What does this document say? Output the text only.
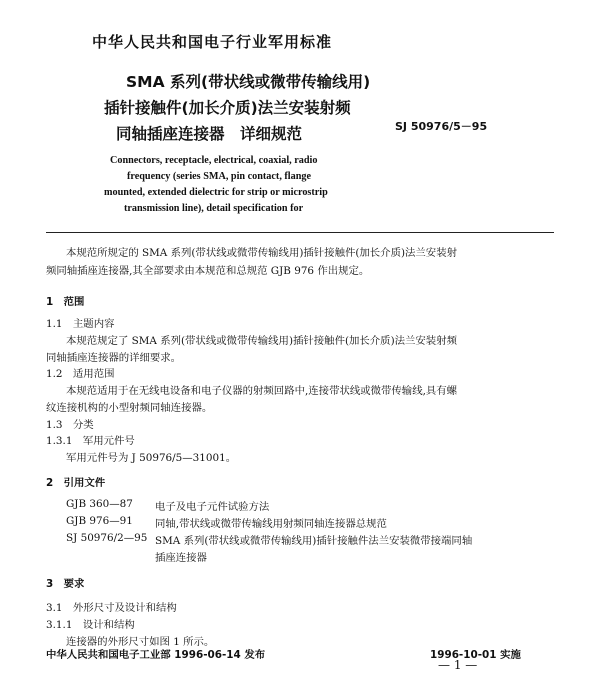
中华人民共和国电子行业军用标准
SMA 系列(带状线或微带传输线用)
插针接触件(加长介质)法兰安装射频
同轴插座连接器　详细规范	SJ 50976/5－95
Connectors, receptacle, electrical, coaxial, radio
frequency (series SMA, pin contact, flange
mounted, extended dielectric for strip or microstrip
transmission line), detail specification for
本规范所规定的 SMA 系列(带状线或微带传输线用)插针接触件(加长介质)法兰安装射
频同轴插座连接器,其全部要求由本规范和总规范 GJB 976 作出规定。
1　范围
1.1　主题内容
本规范规定了 SMA 系列(带状线或微带传输线用)插针接触件(加长介质)法兰安装射频
同轴插座连接器的详细要求。
1.2　适用范围
本规范适用于在无线电设备和电子仪器的射频回路中,连接带状线或微带传输线,具有螺
纹连接机构的小型射频同轴连接器。
1.3　分类
1.3.1　军用元件号
军用元件号为 J 50976/5—31001。
2　引用文件
GJB 360—87 电子及电子元件试验方法
GJB 976—91 同轴,带状线或微带传输线用射频同轴连接器总规范
SJ 50976/2—95 SMA 系列(带状线或微带传输线用)插针接触件法兰安装微带接端同轴
插座连接器
3　要求
3.1　外形尺寸及设计和结构
3.1.1　设计和结构
连接器的外形尺寸如图 1 所示。
中华人民共和国电子工业部 1996-06-14 发布	1996-10-01 实施
— 1 —
